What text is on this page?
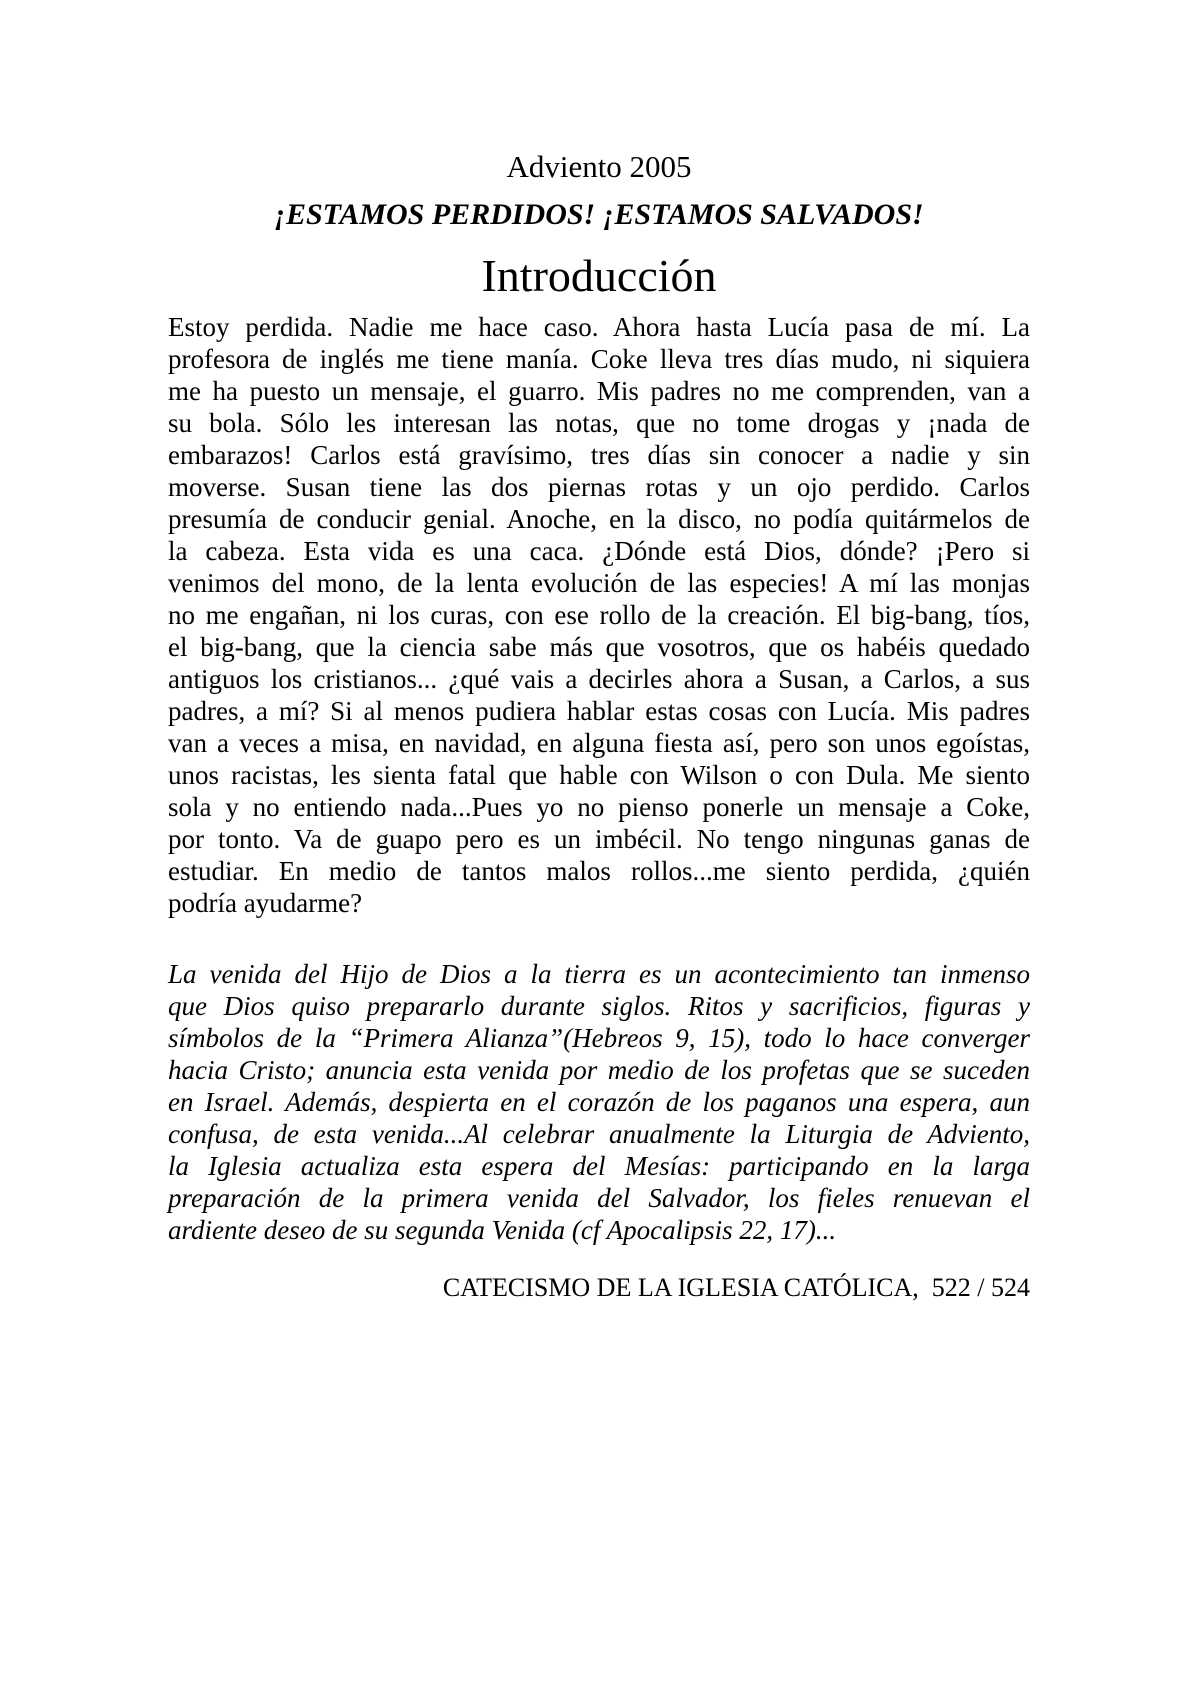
Adviento 2005
¡ESTAMOS PERDIDOS! ¡ESTAMOS SALVADOS!
Introducción
Estoy perdida. Nadie me hace caso. Ahora hasta Lucía pasa de mí. La
profesora de inglés me tiene manía. Coke lleva tres días mudo, ni siquiera
me ha puesto un mensaje, el guarro. Mis padres no me comprenden, van a
su bola. Sólo les interesan las notas, que no tome drogas y ¡nada de
embarazos! Carlos está gravísimo, tres días sin conocer a nadie y sin
moverse. Susan tiene las dos piernas rotas y un ojo perdido. Carlos
presumía de conducir genial. Anoche, en la disco, no podía quitármelos de
la cabeza. Esta vida es una caca. ¿Dónde está Dios, dónde? ¡Pero si
venimos del mono, de la lenta evolución de las especies! A mí las monjas
no me engañan, ni los curas, con ese rollo de la creación. El big-bang, tíos,
el big-bang, que la ciencia sabe más que vosotros, que os habéis quedado
antiguos los cristianos... ¿qué vais a decirles ahora a Susan, a Carlos, a sus
padres, a mí? Si al menos pudiera hablar estas cosas con Lucía. Mis padres
van a veces a misa, en navidad, en alguna fiesta así, pero son unos egoístas,
unos racistas, les sienta fatal que hable con Wilson o con Dula. Me siento
sola y no entiendo nada...Pues yo no pienso ponerle un mensaje a Coke,
por tonto. Va de guapo pero es un imbécil. No tengo ningunas ganas de
estudiar. En medio de tantos malos rollos...me siento perdida, ¿quién
podría ayudarme?
La venida del Hijo de Dios a la tierra es un acontecimiento tan inmenso
que Dios quiso prepararlo durante siglos. Ritos y sacrificios, figuras y
símbolos de la “Primera Alianza”(Hebreos 9, 15), todo lo hace converger
hacia Cristo; anuncia esta venida por medio de los profetas que se suceden
en Israel. Además, despierta en el corazón de los paganos una espera, aun
confusa, de esta venida...Al celebrar anualmente la Liturgia de Adviento,
la Iglesia actualiza esta espera del Mesías: participando en la larga
preparación de la primera venida del Salvador, los fieles renuevan el
ardiente deseo de su segunda Venida (cf Apocalipsis 22, 17)...
CATECISMO DE LA IGLESIA CATÓLICA,  522 / 524
